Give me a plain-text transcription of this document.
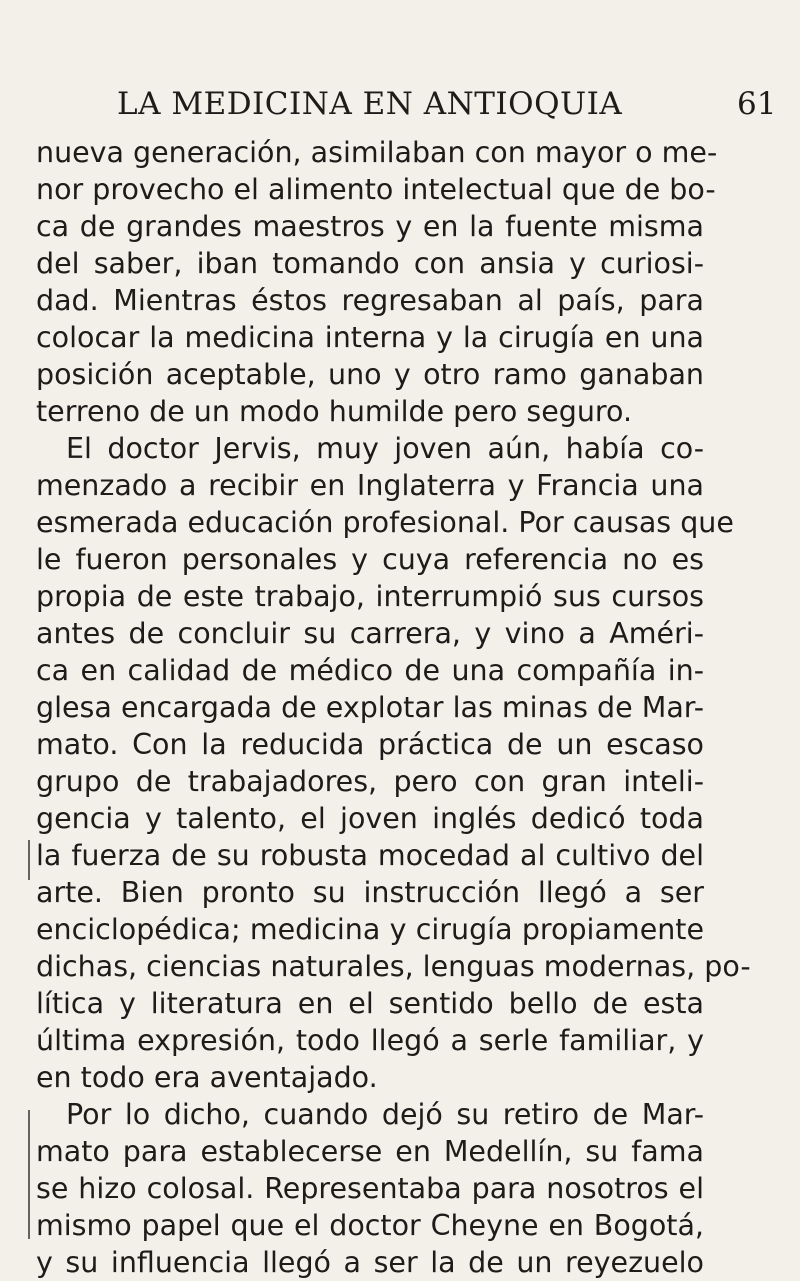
LA MEDICINA EN ANTIOQUIA	61
nueva generación, asimilaban con mayor o me-
nor provecho el alimento intelectual que de bo-
ca de grandes maestros y en la fuente misma
del saber, iban tomando con ansia y curiosi-
dad. Mientras éstos regresaban al país, para
colocar la medicina interna y la cirugía en una
posición aceptable, uno y otro ramo ganaban
terreno de un modo humilde pero seguro.
El doctor Jervis, muy joven aún, había co-
menzado a recibir en Inglaterra y Francia una
esmerada educación profesional. Por causas que
le fueron personales y cuya referencia no es
propia de este trabajo, interrumpió sus cursos
antes de concluir su carrera, y vino a Améri-
ca en calidad de médico de una compañía in-
glesa encargada de explotar las minas de Mar-
mato. Con la reducida práctica de un escaso
grupo de trabajadores, pero con gran inteli-
gencia y talento, el joven inglés dedicó toda
la fuerza de su robusta mocedad al cultivo del
arte. Bien pronto su instrucción llegó a ser
enciclopédica; medicina y cirugía propiamente
dichas, ciencias naturales, lenguas modernas, po-
lítica y literatura en el sentido bello de esta
última expresión, todo llegó a serle familiar, y
en todo era aventajado.
Por lo dicho, cuando dejó su retiro de Mar-
mato para establecerse en Medellín, su fama
se hizo colosal. Representaba para nosotros el
mismo papel que el doctor Cheyne en Bogotá,
y su influencia llegó a ser la de un reyezuelo
